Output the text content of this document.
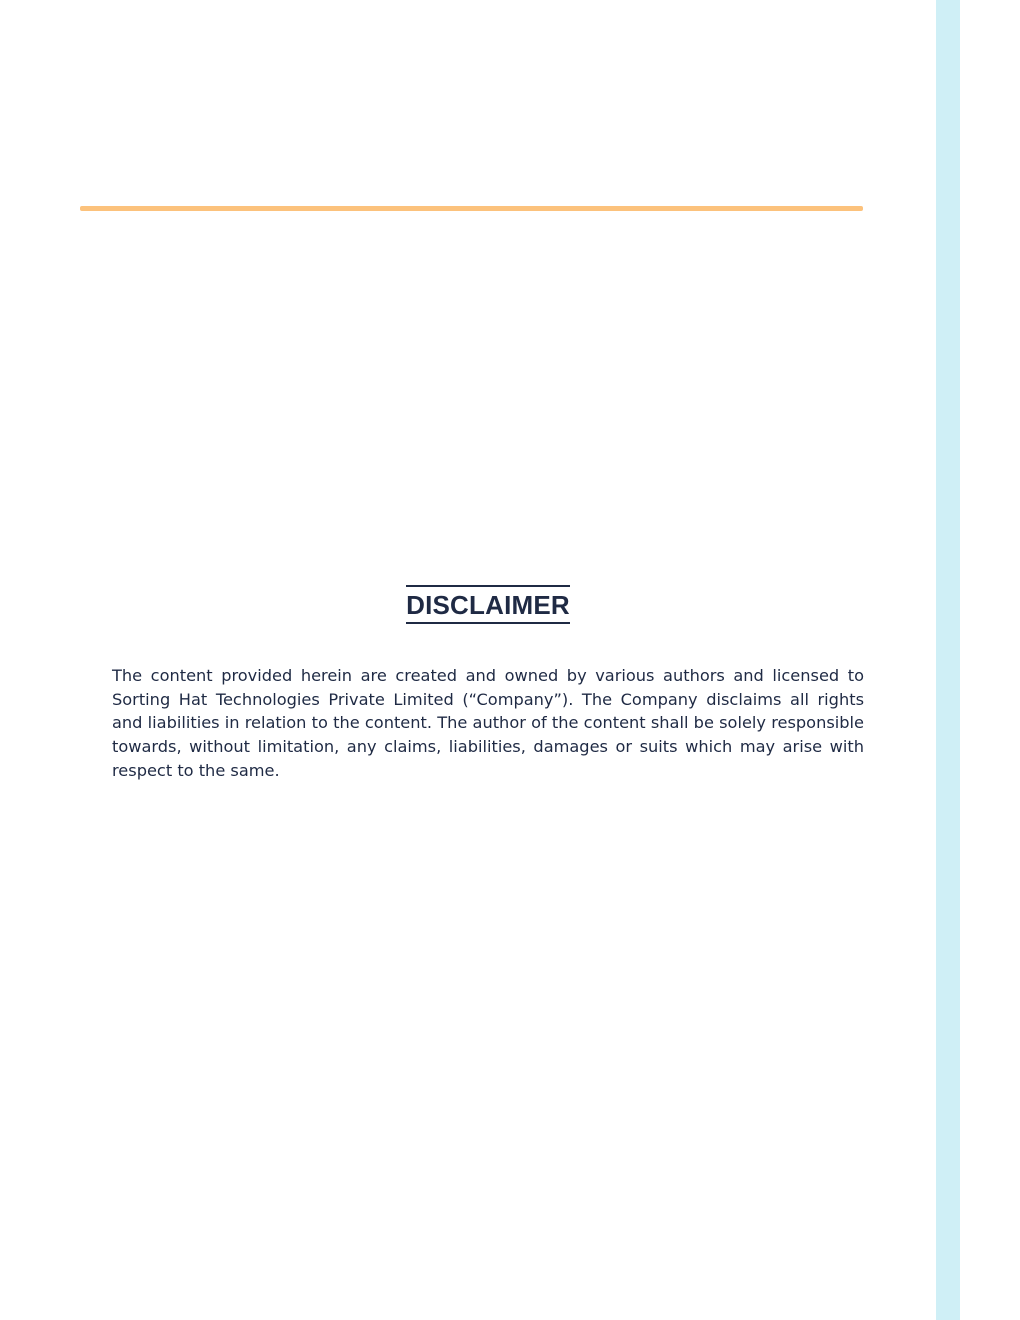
DISCLAIMER

The content provided herein are created and owned by various authors and licensed to Sorting Hat Technologies Private Limited (“Company”). The Company disclaims all rights and liabilities in relation to the content. The author of the content shall be solely responsible towards, without limitation, any claims, liabilities, damages or suits which may arise with respect to the same.
